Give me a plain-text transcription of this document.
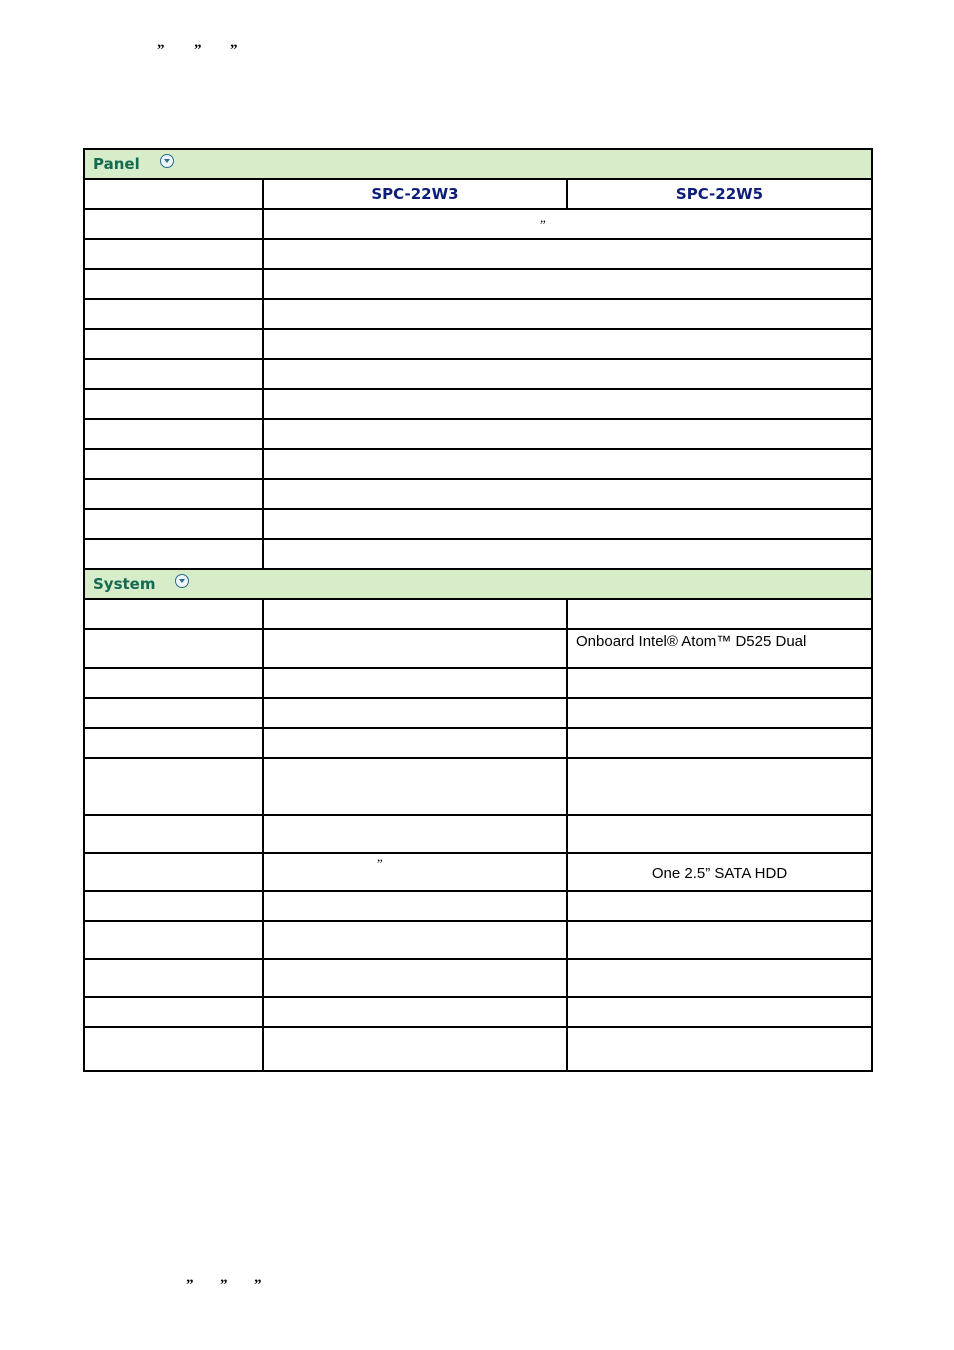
” ” ”
Panel		
	SPC-22W3	SPC-22W5
	”	

System		

		Onboard Intel® Atom™ D525 Dual

	”	One 2.5” SATA HDD

” ” ”
